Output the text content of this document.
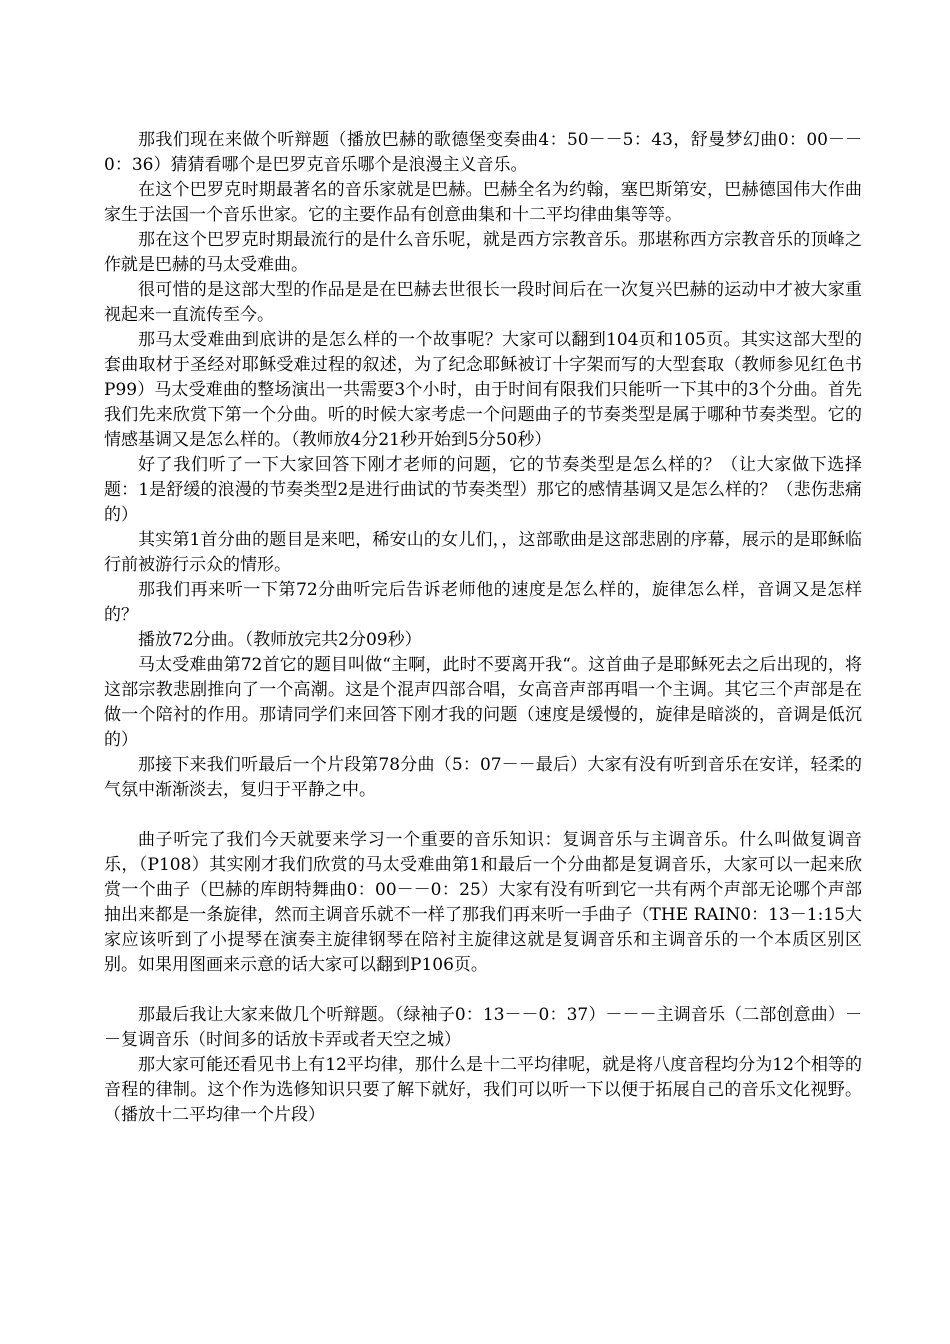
那我们现在来做个听辩题（播放巴赫的歌德堡变奏曲4：50－－5：43，舒曼梦幻曲0：00－－0：36）猜猜看哪个是巴罗克音乐哪个是浪漫主义音乐。

在这个巴罗克时期最著名的音乐家就是巴赫。巴赫全名为约翰，塞巴斯第安，巴赫德国伟大作曲家生于法国一个音乐世家。它的主要作品有创意曲集和十二平均律曲集等等。

那在这个巴罗克时期最流行的是什么音乐呢，就是西方宗教音乐。那堪称西方宗教音乐的顶峰之作就是巴赫的马太受难曲。

很可惜的是这部大型的作品是是在巴赫去世很长一段时间后在一次复兴巴赫的运动中才被大家重视起来一直流传至今。

那马太受难曲到底讲的是怎么样的一个故事呢？大家可以翻到104页和105页。其实这部大型的套曲取材于圣经对耶稣受难过程的叙述，为了纪念耶稣被订十字架而写的大型套取（教师参见红色书P99）马太受难曲的整场演出一共需要3个小时，由于时间有限我们只能听一下其中的3个分曲。首先我们先来欣赏下第一个分曲。听的时候大家考虑一个问题曲子的节奏类型是属于哪种节奏类型。它的情感基调又是怎么样的。（教师放4分21秒开始到5分50秒）

好了我们听了一下大家回答下刚才老师的问题，它的节奏类型是怎么样的？（让大家做下选择题：1是舒缓的浪漫的节奏类型2是进行曲试的节奏类型）那它的感情基调又是怎么样的？（悲伤悲痛的）

其实第1首分曲的题目是来吧，稀安山的女儿们，，这部歌曲是这部悲剧的序幕，展示的是耶稣临行前被游行示众的情形。

那我们再来听一下第72分曲听完后告诉老师他的速度是怎么样的，旋律怎么样，音调又是怎样的？

播放72分曲。（教师放完共2分09秒）

马太受难曲第72首它的题目叫做“主啊，此时不要离开我“。这首曲子是耶稣死去之后出现的，将这部宗教悲剧推向了一个高潮。这是个混声四部合唱，女高音声部再唱一个主调。其它三个声部是在做一个陪衬的作用。那请同学们来回答下刚才我的问题（速度是缓慢的，旋律是暗淡的，音调是低沉的）

那接下来我们听最后一个片段第78分曲（5：07－－最后）大家有没有听到音乐在安详，轻柔的气氛中渐渐淡去，复归于平静之中。

曲子听完了我们今天就要来学习一个重要的音乐知识：复调音乐与主调音乐。什么叫做复调音乐，（P108）其实刚才我们欣赏的马太受难曲第1和最后一个分曲都是复调音乐，大家可以一起来欣赏一个曲子（巴赫的库朗特舞曲0：00－－0：25）大家有没有听到它一共有两个声部无论哪个声部抽出来都是一条旋律，然而主调音乐就不一样了那我们再来听一手曲子（THE RAIN0：13－1:15大家应该听到了小提琴在演奏主旋律钢琴在陪衬主旋律这就是复调音乐和主调音乐的一个本质区别区别。如果用图画来示意的话大家可以翻到P106页。

那最后我让大家来做几个听辩题。（绿袖子0：13－－0：37）－－－主调音乐（二部创意曲）－－复调音乐（时间多的话放卡弄或者天空之城）

那大家可能还看见书上有12平均律，那什么是十二平均律呢，就是将八度音程均分为12个相等的音程的律制。这个作为选修知识只要了解下就好，我们可以听一下以便于拓展自己的音乐文化视野。（播放十二平均律一个片段）
